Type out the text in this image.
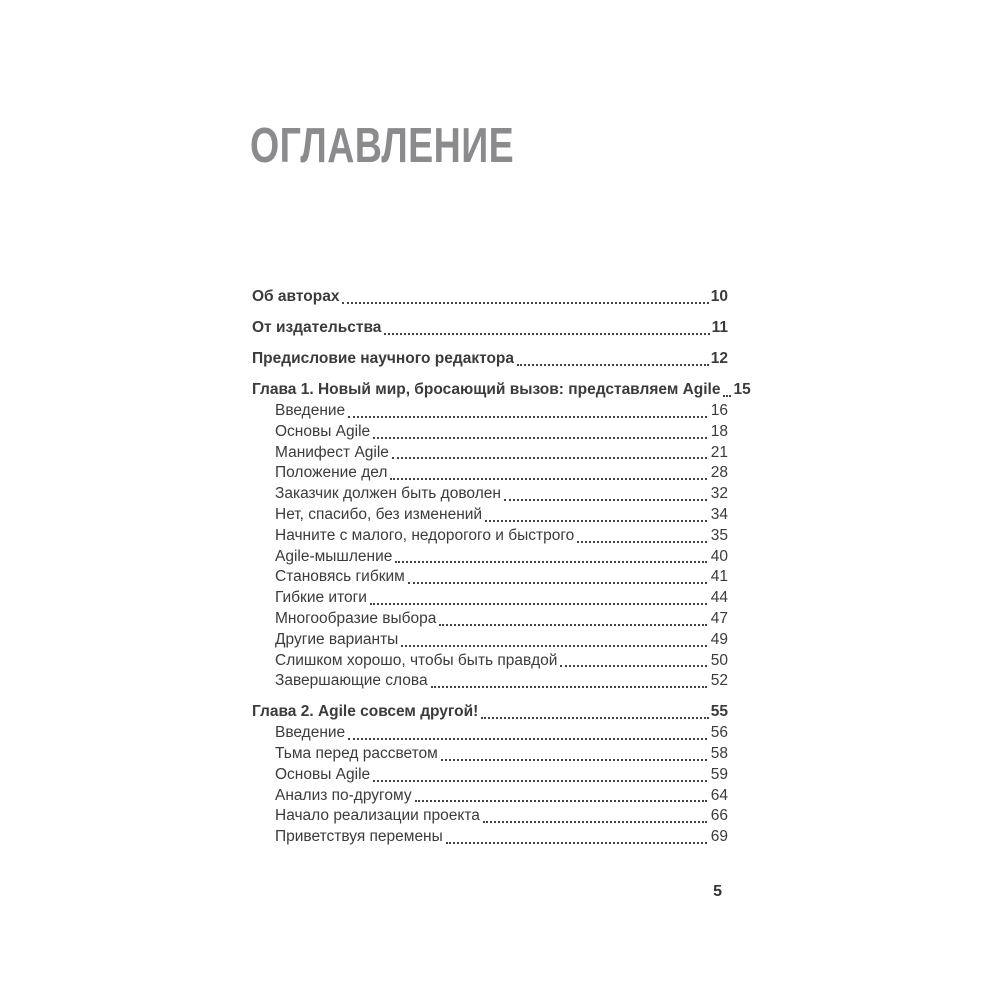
ОГЛАВЛЕНИЕ
Об авторах	10
От издательства	11
Предисловие научного редактора	12
Глава 1. Новый мир, бросающий вызов: представляем Agile 15
Введение	16
Основы Agile	18
Манифест Agile	21
Положение дел	28
Заказчик должен быть доволен	32
Нет, спасибо, без изменений	34
Начните с малого, недорогого и быстрого	35
Agile-мышление	40
Становясь гибким	41
Гибкие итоги	44
Многообразие выбора	47
Другие варианты	49
Слишком хорошо, чтобы быть правдой	50
Завершающие слова	52
Глава 2. Agile совсем другой!	55
Введение	56
Тьма перед рассветом	58
Основы Agile	59
Анализ по-другому	64
Начало реализации проекта	66
Приветствуя перемены	69
5
